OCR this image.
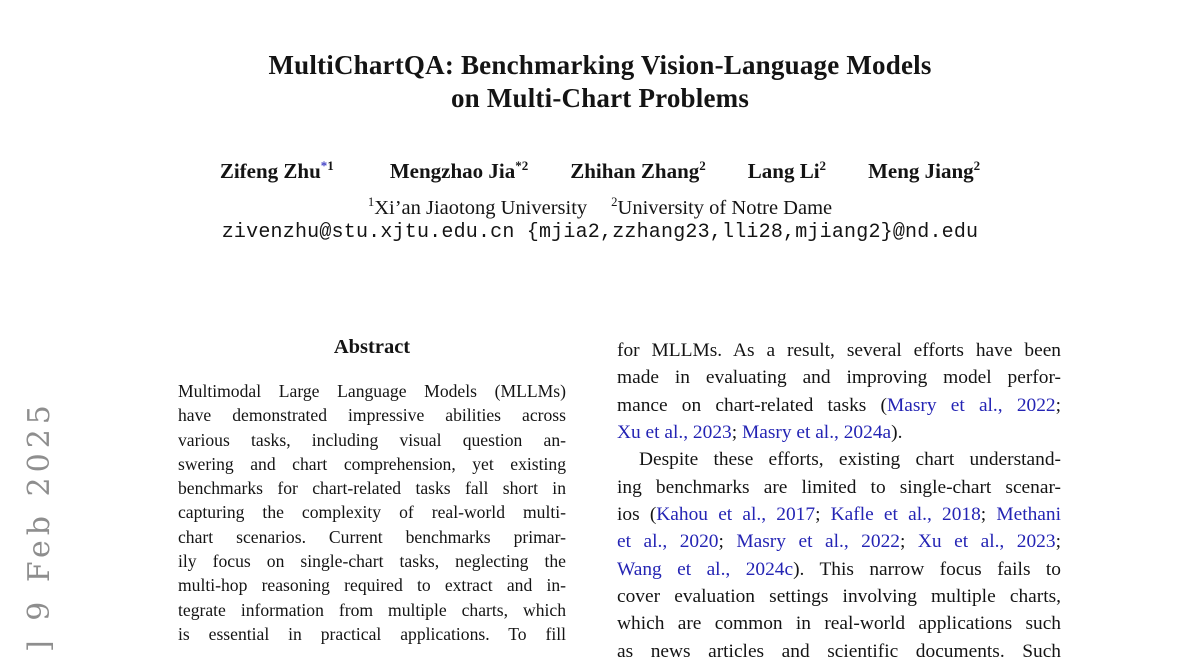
] 9 Feb 2025
MultiChartQA: Benchmarking Vision-Language Models
on Multi-Chart Problems
Zifeng Zhu$^{*1}$	Mengzhao Jia$^{*2}$ Zhihan Zhang$^2$ Lang Li$^2$ Meng Jiang$^2$
$^1$Xi’an Jiaotong University $^2$University of Notre Dame
zivenzhu@stu.xjtu.edu.cn {mjia2,zzhang23,lli28,mjiang2}@nd.edu
Abstract
Multimodal Large Language Models (MLLMs)
have demonstrated impressive abilities across
various tasks, including visual question an-
swering and chart comprehension, yet existing
benchmarks for chart-related tasks fall short in
capturing the complexity of real-world multi-
chart scenarios. Current benchmarks primar-
ily focus on single-chart tasks, neglecting the
multi-hop reasoning required to extract and in-
tegrate information from multiple charts, which
is essential in practical applications. To fill
for MLLMs. As a result, several efforts have been
made in evaluating and improving model perfor-
mance on chart-related tasks (Masry et al., 2022;
Xu et al., 2023; Masry et al., 2024a).
Despite these efforts, existing chart understand-
ing benchmarks are limited to single-chart scenar-
ios (Kahou et al., 2017; Kafle et al., 2018; Methani
et al., 2020; Masry et al., 2022; Xu et al., 2023;
Wang et al., 2024c). This narrow focus fails to
cover evaluation settings involving multiple charts,
which are common in real-world applications such
as news articles and scientific documents. Such
